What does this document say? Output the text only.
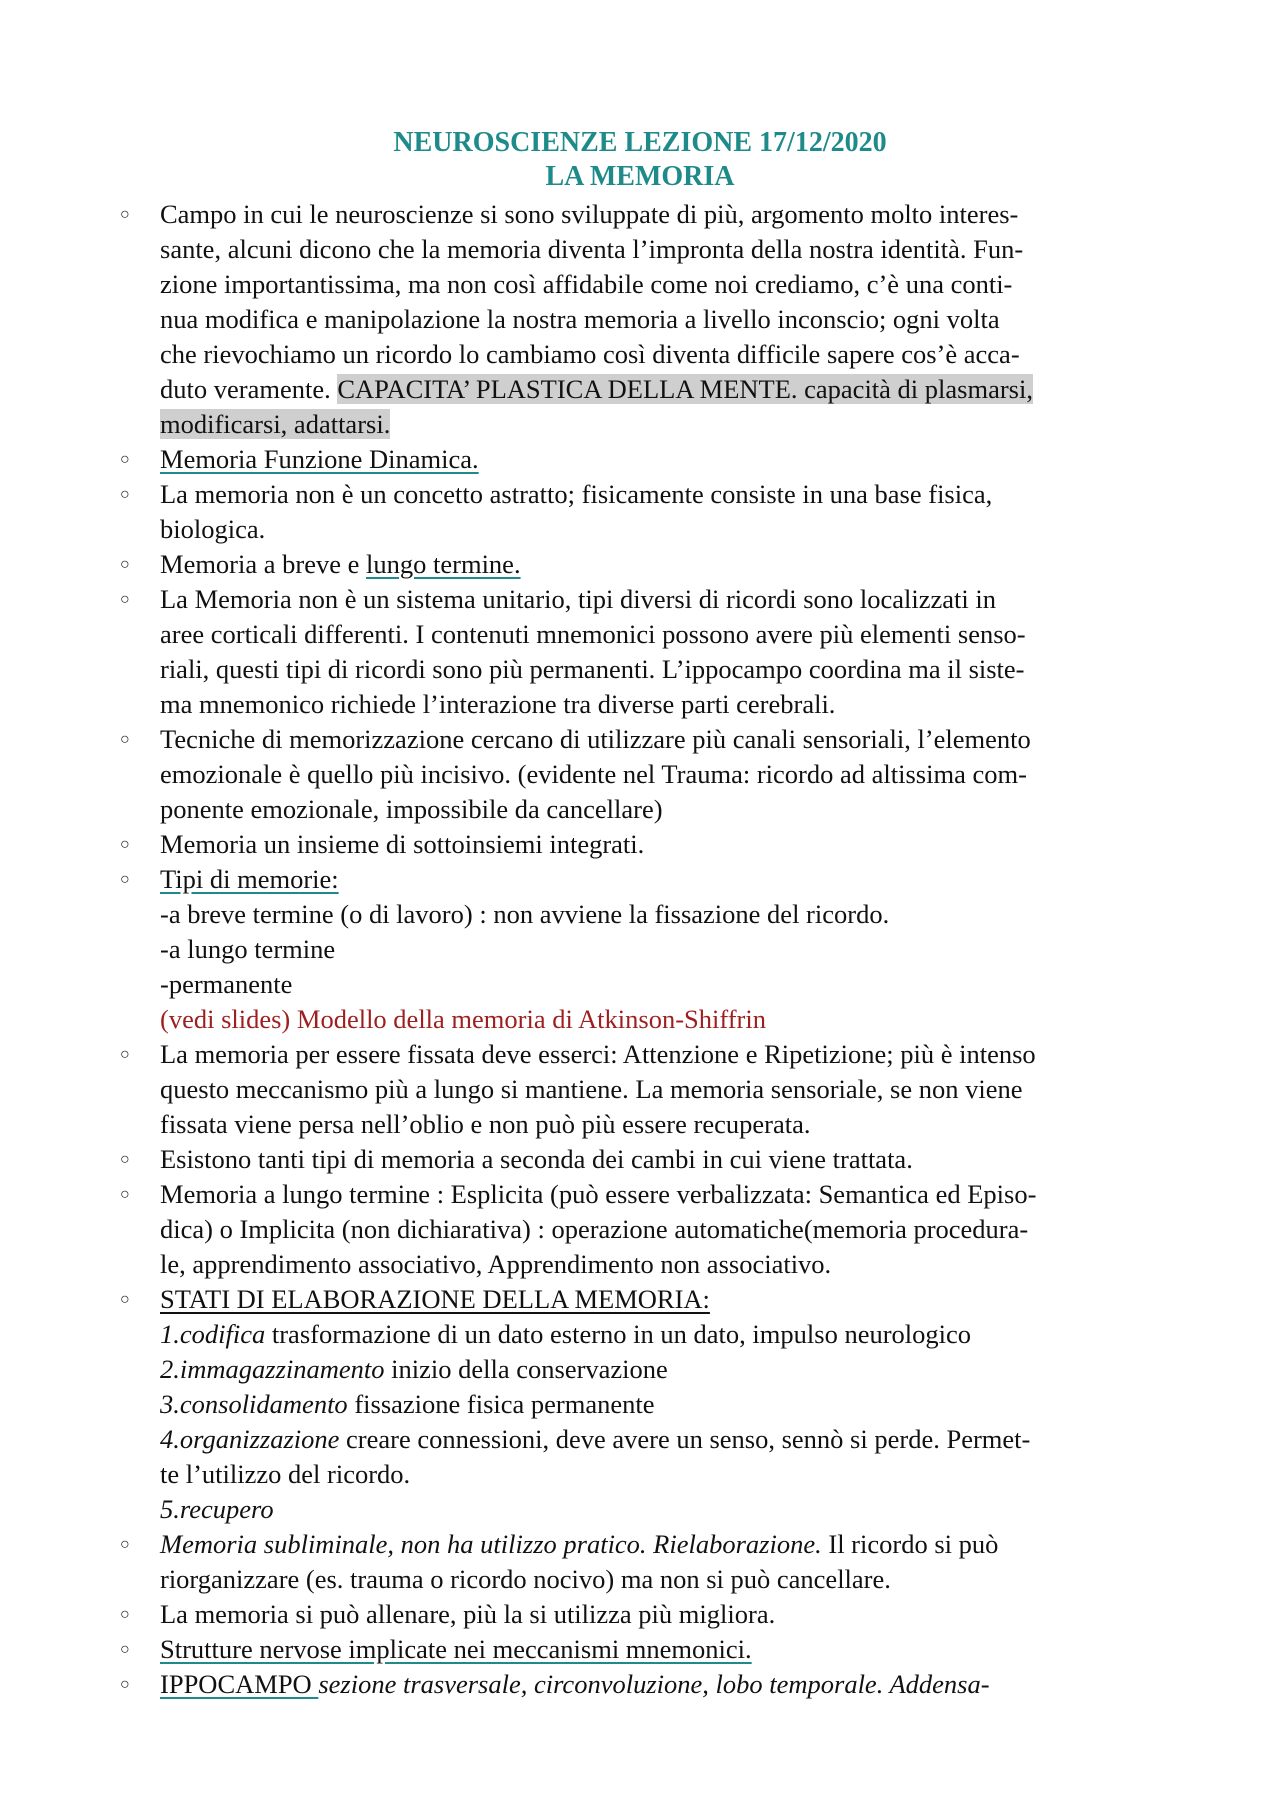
NEUROSCIENZE LEZIONE 17/12/2020
LA MEMORIA
○	Campo in cui le neuroscienze si sono sviluppate di più, argomento molto interes-
sante, alcuni dicono che la memoria diventa l’impronta della nostra identità. Fun-
zione importantissima, ma non così affidabile come noi crediamo, c’è una conti-
nua modifica e manipolazione la nostra memoria a livello inconscio; ogni volta
che rievochiamo un ricordo lo cambiamo così diventa difficile sapere cos’è acca-
duto veramente. CAPACITA’ PLASTICA DELLA MENTE. capacità di plasmarsi,
modificarsi, adattarsi.
○	Memoria Funzione Dinamica.
○	La memoria non è un concetto astratto; fisicamente consiste in una base fisica,
biologica.
○	Memoria a breve e lungo termine.
○	La Memoria non è un sistema unitario, tipi diversi di ricordi sono localizzati in
aree corticali differenti. I contenuti mnemonici possono avere più elementi senso-
riali, questi tipi di ricordi sono più permanenti. L’ippocampo coordina ma il siste-
ma mnemonico richiede l’interazione tra diverse parti cerebrali.
○	Tecniche di memorizzazione cercano di utilizzare più canali sensoriali, l’elemento
emozionale è quello più incisivo. (evidente nel Trauma: ricordo ad altissima com-
ponente emozionale, impossibile da cancellare)
○	Memoria un insieme di sottoinsiemi integrati.
○	Tipi di memorie:
-a breve termine (o di lavoro) : non avviene la fissazione del ricordo.
-a lungo termine
-permanente
(vedi slides) Modello della memoria di Atkinson-Shiffrin
○	La memoria per essere fissata deve esserci: Attenzione e Ripetizione; più è intenso
questo meccanismo più a lungo si mantiene. La memoria sensoriale, se non viene
fissata viene persa nell’oblio e non può più essere recuperata.
○	Esistono tanti tipi di memoria a seconda dei cambi in cui viene trattata.
○	Memoria a lungo termine : Esplicita (può essere verbalizzata: Semantica ed Episo-
dica) o Implicita (non dichiarativa) : operazione automatiche(memoria procedura-
le, apprendimento associativo, Apprendimento non associativo.
○	STATI DI ELABORAZIONE DELLA MEMORIA:
1.codifica trasformazione di un dato esterno in un dato, impulso neurologico
2.immagazzinamento inizio della conservazione
3.consolidamento fissazione fisica permanente
4.organizzazione creare connessioni, deve avere un senso, sennò si perde. Permet-
te l’utilizzo del ricordo.
5.recupero
○	Memoria subliminale, non ha utilizzo pratico. Rielaborazione. Il ricordo si può
riorganizzare (es. trauma o ricordo nocivo) ma non si può cancellare.
○	La memoria si può allenare, più la si utilizza più migliora.
○	Strutture nervose implicate nei meccanismi mnemonici.
○	IPPOCAMPO sezione trasversale, circonvoluzione, lobo temporale. Addensa-
